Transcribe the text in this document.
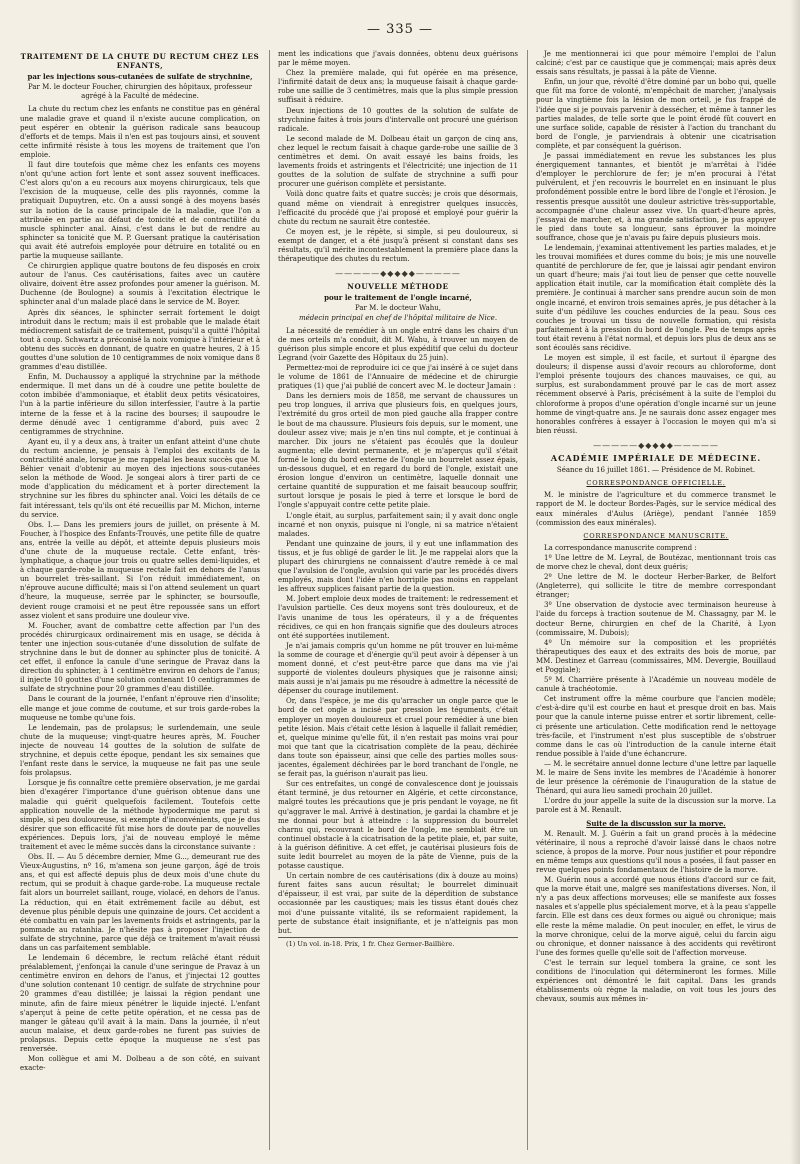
— 335 —
TRAITEMENT DE LA CHUTE DU RECTUM CHEZ LES ENFANTS,
par les injections sous-cutanées de sulfate de strychnine,
Par M. le docteur Foucher, chirurgien des hôpitaux, professeur agrégé à la Faculté de médecine.

La chute du rectum chez les enfants ne constitue pas en général une maladie grave et quand il n'existe aucune complication, on peut espérer en obtenir la guérison radicale sans beaucoup d'efforts et de temps. Mais il n'en est pas toujours ainsi, et souvent cette infirmité résiste à tous les moyens de traitement que l'on emploie.

Il faut dire toutefois que même chez les enfants ces moyens n'ont qu'une action fort lente et sont assez souvent inefficaces. C'est alors qu'on a eu recours aux moyens chirurgicaux, tels que l'excision de la muqueuse, celle des plis rayonnés, comme la pratiquait Dupuytren, etc. On a aussi songé à des moyens basés sur la notion de la cause principale de la maladie, que l'on a attribuée en partie au défaut de tonicité et de contractilité du muscle sphincter anal. Ainsi, c'est dans le but de rendre au sphincter sa tonicité que M. P. Guersant pratique la cautérisation qui avait été autrefois employée pour détruire en totalité ou en partie la muqueuse saillante.

Ce chirurgien applique quatre boutons de feu disposés en croix autour de l'anus. Ces cautérisations, faites avec un cautère olivaire, doivent être assez profondes pour amener la guérison. M. Duchenne (de Boulogne) a soumis à l'excitation électrique le sphincter anal d'un malade placé dans le service de M. Boyer.

Après dix séances, le sphincter serrait fortement le doigt introduit dans le rectum; mais il est probable que le malade était médiocrement satisfait de ce traitement, puisqu'il a quitté l'hôpital tout à coup. Schwartz a préconisé la noix vomique à l'intérieur et à obtenu des succès en donnant, de quatre en quatre heures, 2 à 15 gouttes d'une solution de 10 centigrammes de noix vomique dans 8 grammes d'eau distillée.

Enfin, M. Duchaussoy a appliqué la strychnine par la méthode endermique. Il met dans un dé à coudre une petite boulette de coton imbibée d'ammoniaque, et établit deux petits vésicatoires, l'un à la partie inférieure du sillon interfessier, l'autre à la partie interne de la fesse et à la racine des bourses; il saupoudre le derme dénudé avec 1 centigramme d'abord, puis avec 2 centigrammes de strychnine.

Ayant eu, il y a deux ans, à traiter un enfant atteint d'une chute du rectum ancienne, je pensais à l'emploi des excitants de la contractilité anale, lorsque je me rappelai les beaux succès que M. Béhier venait d'obtenir au moyen des injections sous-cutanées selon la méthode de Wood. Je songeai alors à tirer parti de ce mode d'application du médicament et à porter directement la strychnine sur les fibres du sphincter anal. Voici les détails de ce fait intéressant, tels qu'ils ont été recueillis par M. Michon, interne du service.

Obs. I.— Dans les premiers jours de juillet, on présente à M. Foucher, à l'hospice des Enfants-Trouvés, une petite fille de quatre ans, entrée la veille au dépôt, et atteinte depuis plusieurs mois d'une chute de la muqueuse rectale. Cette enfant, très-lymphatique, a chaque jour trois ou quatre selles demi-liquides, et à chaque garde-robe la muqueuse rectale fait en dehors de l'anus un bourrelet très-saillant. Si l'on réduit immédiatement, on n'éprouve aucune difficulté; mais si l'on attend seulement un quart d'heure, la muqueuse, serrée par le sphincter, se boursoufle, devient rouge cramoisi et ne peut être repoussée sans un effort assez violent et sans produire une douleur vive.

M. Foucher, avant de combattre cette affection par l'un des procédés chirurgicaux ordinairement mis en usage, se décida à tenter une injection sous-cutanée d'une dissolution de sulfate de strychnine dans le but de donner au sphincter plus de tonicité. A cet effet, il enfonce la canule d'une seringue de Pravaz dans la direction du sphincter, à 1 centimètre environ en dehors de l'anus; il injecte 10 gouttes d'une solution contenant 10 centigrammes de sulfate de strychnine pour 20 grammes d'eau distillée.

Dans le courant de la journée, l'enfant n'éprouve rien d'insolite; elle mange et joue comme de coutume, et sur trois garde-robes la muqueuse ne tombe qu'une fois.

Le lendemain, pas de prolapsus; le surlendemain, une seule chute de la muqueuse; vingt-quatre heures après, M. Foucher injecte de nouveau 14 gouttes de la solution de sulfate de strychnine, et depuis cette époque, pendant les six semaines que l'enfant reste dans le service, la muqueuse ne fait pas une seule fois prolapsus.

Lorsque je fis connaître cette première observation, je me gardai bien d'exagérer l'importance d'une guérison obtenue dans une maladie qui guérit quelquefois facilement. Toutefois cette application nouvelle de la méthode hypodermique me parut si simple, si peu douloureuse, si exempte d'inconvénients, que je dus désirer que son efficacité fût mise hors de doute par de nouvelles expériences. Depuis lors, j'ai de nouveau employé le même traitement et avec le même succès dans la circonstance suivante :

Obs. II. — Au 5 décembre dernier, Mme G..., demeurant rue des Vieux-Augustins, nº 16, m'amena son jeune garçon, âgé de trois ans, et qui est affecté depuis plus de deux mois d'une chute du rectum, qui se produit à chaque garde-robe. La muqueuse rectale fait alors un bourrelet saillant, rouge, violacé, en dehors de l'anus. La réduction, qui en était extrêmement facile au début, est devenue plus pénible depuis une quinzaine de jours. Cet accident a été combattu en vain par les lavements froids et astringents, par la pommade au ratanhia. Je n'hésite pas à proposer l'injection de sulfate de strychnine, parce que déjà ce traitement m'avait réussi dans un cas parfaitement semblable.

Le lendemain 6 décembre, le rectum relâché étant réduit préalablement, j'enfonçai la canule d'une seringue de Pravaz à un centimètre environ en dehors de l'anus, et j'injectai 12 gouttes d'une solution contenant 10 centigr. de sulfate de strychnine pour 20 grammes d'eau distillée; je laissai la région pendant une minute, afin de faire mieux pénétrer le liquide injecté. L'enfant s'aperçut à peine de cette petite opération, et ne cessa pas de manger le gâteau qu'il avait à la main. Dans la journée, il n'eut aucun malaise, et deux garde-robes ne furent pas suivies de prolapsus. Depuis cette époque la muqueuse ne s'est pas renversée.

Mon collègue et ami M. Dolbeau a de son côté, en suivant exacte-

ment les indications que j'avais données, obtenu deux guérisons par le même moyen.

Chez la première malade, qui fut opérée en ma présence, l'infirmité datait de deux ans; la muqueuse faisait à chaque garde-robe une saillie de 3 centimètres, mais que la plus simple pression suffisait à réduire.

Deux injections de 10 gouttes de la solution de sulfate de strychnine faites à trois jours d'intervalle ont procuré une guérison radicale.

Le second malade de M. Dolbeau était un garçon de cinq ans, chez lequel le rectum faisait à chaque garde-robe une saillie de 3 centimètres et demi. On avait essayé les bains froids, les lavements froids et astringents et l'électricité; une injection de 11 gouttes de la solution de sulfate de strychnine a suffi pour procurer une guérison complète et persistante.

Voilà donc quatre faits et quatre succès; je crois que désormais, quand même on viendrait à enregistrer quelques insuccès, l'efficacité du procédé que j'ai proposé et employé pour guérir la chute du rectum ne saurait être contestée.

Ce moyen est, je le répète, si simple, si peu douloureux, si exempt de danger, et a été jusqu'à présent si constant dans ses résultats, qu'il mérite incontestablement la première place dans la thérapeutique des chutes du rectum.

—————◆◆◆◆◆—————
NOUVELLE MÉTHODE
pour le traitement de l'ongle incarné,
Par M. le docteur Wahu,
médecin principal en chef de l'hôpital militaire de Nice.

La nécessité de remédier à un ongle entré dans les chairs d'un de mes orteils m'a conduit, dit M. Wahu, à trouver un moyen de guérison plus simple encore et plus expéditif que celui du docteur Legrand (voir Gazette des Hôpitaux du 25 juin).

Permettez-moi de reproduire ici ce que j'ai inséré à ce sujet dans le volume de 1861 de l'Annuaire de médecine et de chirurgie pratiques (1) que j'ai publié de concert avec M. le docteur Jamain :

Dans les derniers mois de 1858, me servant de chaussures un peu trop longues, il arriva que plusieurs fois, en quelques jours, l'extrémité du gros orteil de mon pied gauche alla frapper contre le bout de ma chaussure. Plusieurs fois depuis, sur le moment, une douleur assez vive; mais je n'en tins nul compte, et je continuai à marcher. Dix jours ne s'étaient pas écoulés que la douleur augmenta; elle devint permanente, et je m'aperçus qu'il s'était formé le long du bord externe de l'ongle un bourrelet assez épais, un-dessous duquel, et en regard du bord de l'ongle, existait une érosion longue d'environ un centimètre, laquelle donnait une certaine quantité de suppuration et me faisait beaucoup souffrir, surtout lorsque je posais le pied à terre et lorsque le bord de l'ongle s'appuyait contre cette petite plaie.

L'ongle était, au surplus, parfaitement sain; il y avait donc ongle incarné et non onyxis, puisque ni l'ongle, ni sa matrice n'étaient malades.

Pendant une quinzaine de jours, il y eut une inflammation des tissus, et je fus obligé de garder le lit. Je me rappelai alors que la plupart des chirurgiens ne connaissent d'autre remède à ce mal que l'avulsion de l'ongle, avulsion qui varie par les procédés divers employés, mais dont l'idée n'en horripile pas moins en rappelant les affreux supplices faisant partie de la question.

M. Jobert emploie deux modes de traitement: le redressement et l'avulsion partielle. Ces deux moyens sont très douloureux, et de l'avis unanime de tous les opérateurs, il y a de fréquentes récidives, ce qui en hon français signifie que des douleurs atroces ont été supportées inutilement.

Je n'ai jamais compris qu'un homme ne pût trouver en lui-même la somme de courage et d'énergie qu'il peut avoir à dépenser à un moment donné, et c'est peut-être parce que dans ma vie j'ai supporté de violentes douleurs physiques que je raisonne ainsi; mais aussi je n'ai jamais pu me résoudre à admettre la nécessité de dépenser du courage inutilement.

Or, dans l'espèce, je me dis qu'arracher un ongle parce que le bord de cet ongle a incisé par pression les téguments, c'était employer un moyen douloureux et cruel pour remédier à une bien petite lésion. Mais c'était cette lésion à laquelle il fallait remédier, et, quelque minime qu'elle fût, il n'en restait pas moins vrai pour moi que tant que la cicatrisation complète de la peau, déchirée dans toute son épaisseur, ainsi que celle des parties molles sous-jacentes, également déchirées par le bord tranchant de l'ongle, ne se ferait pas, la guérison n'aurait pas lieu.

Sur ces entrefaites, un congé de convalescence dont je jouissais étant terminé, je dus retourner en Algérie, et cette circonstance, malgré toutes les précautions que je pris pendant le voyage, ne fit qu'aggraver le mal. Arrivé à destination, je gardai la chambre et je me donnai pour but à atteindre : la suppression du bourrelet charnu qui, recouvrant le bord de l'ongle, me semblait être un continuel obstacle à la cicatrisation de la petite plaie, et, par suite, à la guérison définitive. A cet effet, je cautérisai plusieurs fois de suite ledit bourrelet au moyen de la pâte de Vienne, puis de la potasse caustique.

Un certain nombre de ces cautérisations (dix à douze au moins) furent faites sans aucun résultat; le bourrelet diminuait d'épaisseur, il est vrai, par suite de la déperdition de substance occasionnée par les caustiques; mais les tissus étant doués chez moi d'une puissante vitalité, ils se reformaient rapidement, la perte de substance était insignifiante, et je n'atteignis pas mon but.

(1) Un vol. in-18. Prix, 1 fr. Chez Germer-Baillière.

Je me mentionnerai ici que pour mémoire l'emploi de l'alun calciné; c'est par ce caustique que je commençai; mais après deux essais sans résultats, je passai à la pâte de Vienne.

Enfin, un jour que, révolté d'être dominé par un bobo qui, quelle que fût ma force de volonté, m'empêchait de marcher, j'analysais pour la vingtième fois la lésion de mon orteil, je fus frappé de l'idée que si je pouvais parvenir à dessécher, et même à tanner les parties malades, de telle sorte que le point érodé fût couvert en une surface solide, capable de résister à l'action du tranchant du bord de l'ongle, je parviendrais à obtenir une cicatrisation complète, et par conséquent la guérison.

Je passai immédiatement en revue les substances les plus énergiquement tannantes, et bientôt je m'arrêtai à l'idée d'employer le perchlorure de fer; je m'en procurai à l'état pulvérulent, et j'en recouvris le bourrelet en en insinuant le plus profondément possible entre le bord libre de l'ongle et l'érosion. Je ressentis presque aussitôt une douleur astrictive très-supportable, accompagnée d'une chaleur assez vive. Un quart-d'heure après, j'essayai de marcher, et, à ma grande satisfaction, je pus appuyer le pied dans toute sa longueur, sans éprouver la moindre souffrance, chose que je n'avais pu faire depuis plusieurs mois.

Le lendemain, j'examinai attentivement les parties malades, et je les trouvai momifiées et dures comme du bois; je mis une nouvelle quantité de perchlorure de fer, que je laissai agir pendant environ un quart d'heure; mais j'ai tout lieu de penser que cette nouvelle application était inutile, car la momification était complète dès la première. Je continuai à marcher sans prendre aucun soin de mon ongle incarné, et environ trois semaines après, je pus détacher à la suite d'un pédiluve les couches endurcies de la peau. Sous ces couches je trouvai un tissu de nouvelle formation, qui résista parfaitement à la pression du bord de l'ongle. Peu de temps après tout était revenu à l'état normal, et depuis lors plus de deux ans se sont écoulés sans récidive.

Le moyen est simple, il est facile, et surtout il épargne des douleurs; il dispense aussi d'avoir recours au chloroforme, dont l'emploi présente toujours des chances mauvaises, ce qui, au surplus, est surabondamment prouvé par le cas de mort assez récemment observé à Paris, précisément à la suite de l'emploi du chloroforme à propos d'une opération d'ongle incarné sur un jeune homme de vingt-quatre ans. Je ne saurais donc assez engager mes honorables confrères à essayer à l'occasion le moyen qui m'a si bien réussi.

—————◆◆◆◆◆—————
ACADÉMIE IMPÉRIALE DE MÉDECINE.
Séance du 16 juillet 1861. — Présidence de M. Robinet.
CORRESPONDANCE OFFICIELLE.

M. le ministre de l'agriculture et du commerce transmet le rapport de M. le docteur Bordes-Pagès, sur le service médical des eaux minérales d'Aulus (Ariège), pendant l'année 1859 (commission des eaux minérales).

CORRESPONDANCE MANUSCRITE.

La correspondance manuscrite comprend :

1º Une lettre de M. Leyral, de Boutézac, mentionnant trois cas de morve chez le cheval, dont deux guéris;

2º Une lettre de M. le docteur Herber-Barker, de Belfort (Angleterre), qui sollicite le titre de membre correspondant étranger;

3º Une observation de dystocie avec terminaison heureuse à l'aide du forceps à traction soutenue de M. Chassagny, par M. le docteur Berne, chirurgien en chef de la Charité, à Lyon (commissaire, M. Dubois);

4º Un mémoire sur la composition et les propriétés thérapeutiques des eaux et des extraits des bois de morue, par MM. Destinez et Garreau (commissaires, MM. Devergie, Bouillaud et Poggiale);

5º M. Charrière présente à l'Académie un nouveau modèle de canule à trachéotomie.

Cet instrument offre la même courbure que l'ancien modèle; c'est-à-dire qu'il est courbe en haut et presque droit en bas. Mais pour que la canule interne puisse entrer et sortir librement, celle-ci présente une articulation. Cette modification rend le nettoyage très-facile, et l'instrument n'est plus susceptible de s'obstruer comme dans le cas où l'introduction de la canule interne était rendue possible à l'aide d'une échancrure.

— M. le secrétaire annuel donne lecture d'une lettre par laquelle M. le maire de Sens invite les membres de l'Académie à honorer de leur présence la cérémonie de l'inauguration de la statue de Thénard, qui aura lieu samedi prochain 20 juillet.

L'ordre du jour appelle la suite de la discussion sur la morve. La parole est à M. Renault.

Suite de la discussion sur la morve.

M. Renault. M. J. Guérin a fait un grand procès à la médecine vétérinaire, il nous a reproché d'avoir laissé dans le chaos notre science, à propos de la morve. Pour nous justifier et pour répondre en même temps aux questions qu'il nous a posées, il faut passer en revue quelques points fondamentaux de l'histoire de la morve.

M. Guérin nous a accordé que nous étions d'accord sur ce fait, que la morve était une, malgré ses manifestations diverses. Non, il n'y a pas deux affections morveuses; elle se manifeste aux fosses nasales et s'appelle plus spécialement morve, et à la peau s'appelle farcin. Elle est dans ces deux formes ou aiguë ou chronique; mais elle reste la même maladie. On peut inoculer, en effet, le virus de la morve chronique, celui de la morve aiguë, celui du farcin aigu ou chronique, et donner naissance à des accidents qui revêtiront l'une des formes quelle qu'elle soit de l'affection morveuse.

C'est le terrain sur lequel tombera la graine, ce sont les conditions de l'inoculation qui détermineront les formes. Mille expériences ont démontré le fait capital. Dans les grands établissements où règne la maladie, on voit tous les jours des chevaux, soumis aux mêmes in-
